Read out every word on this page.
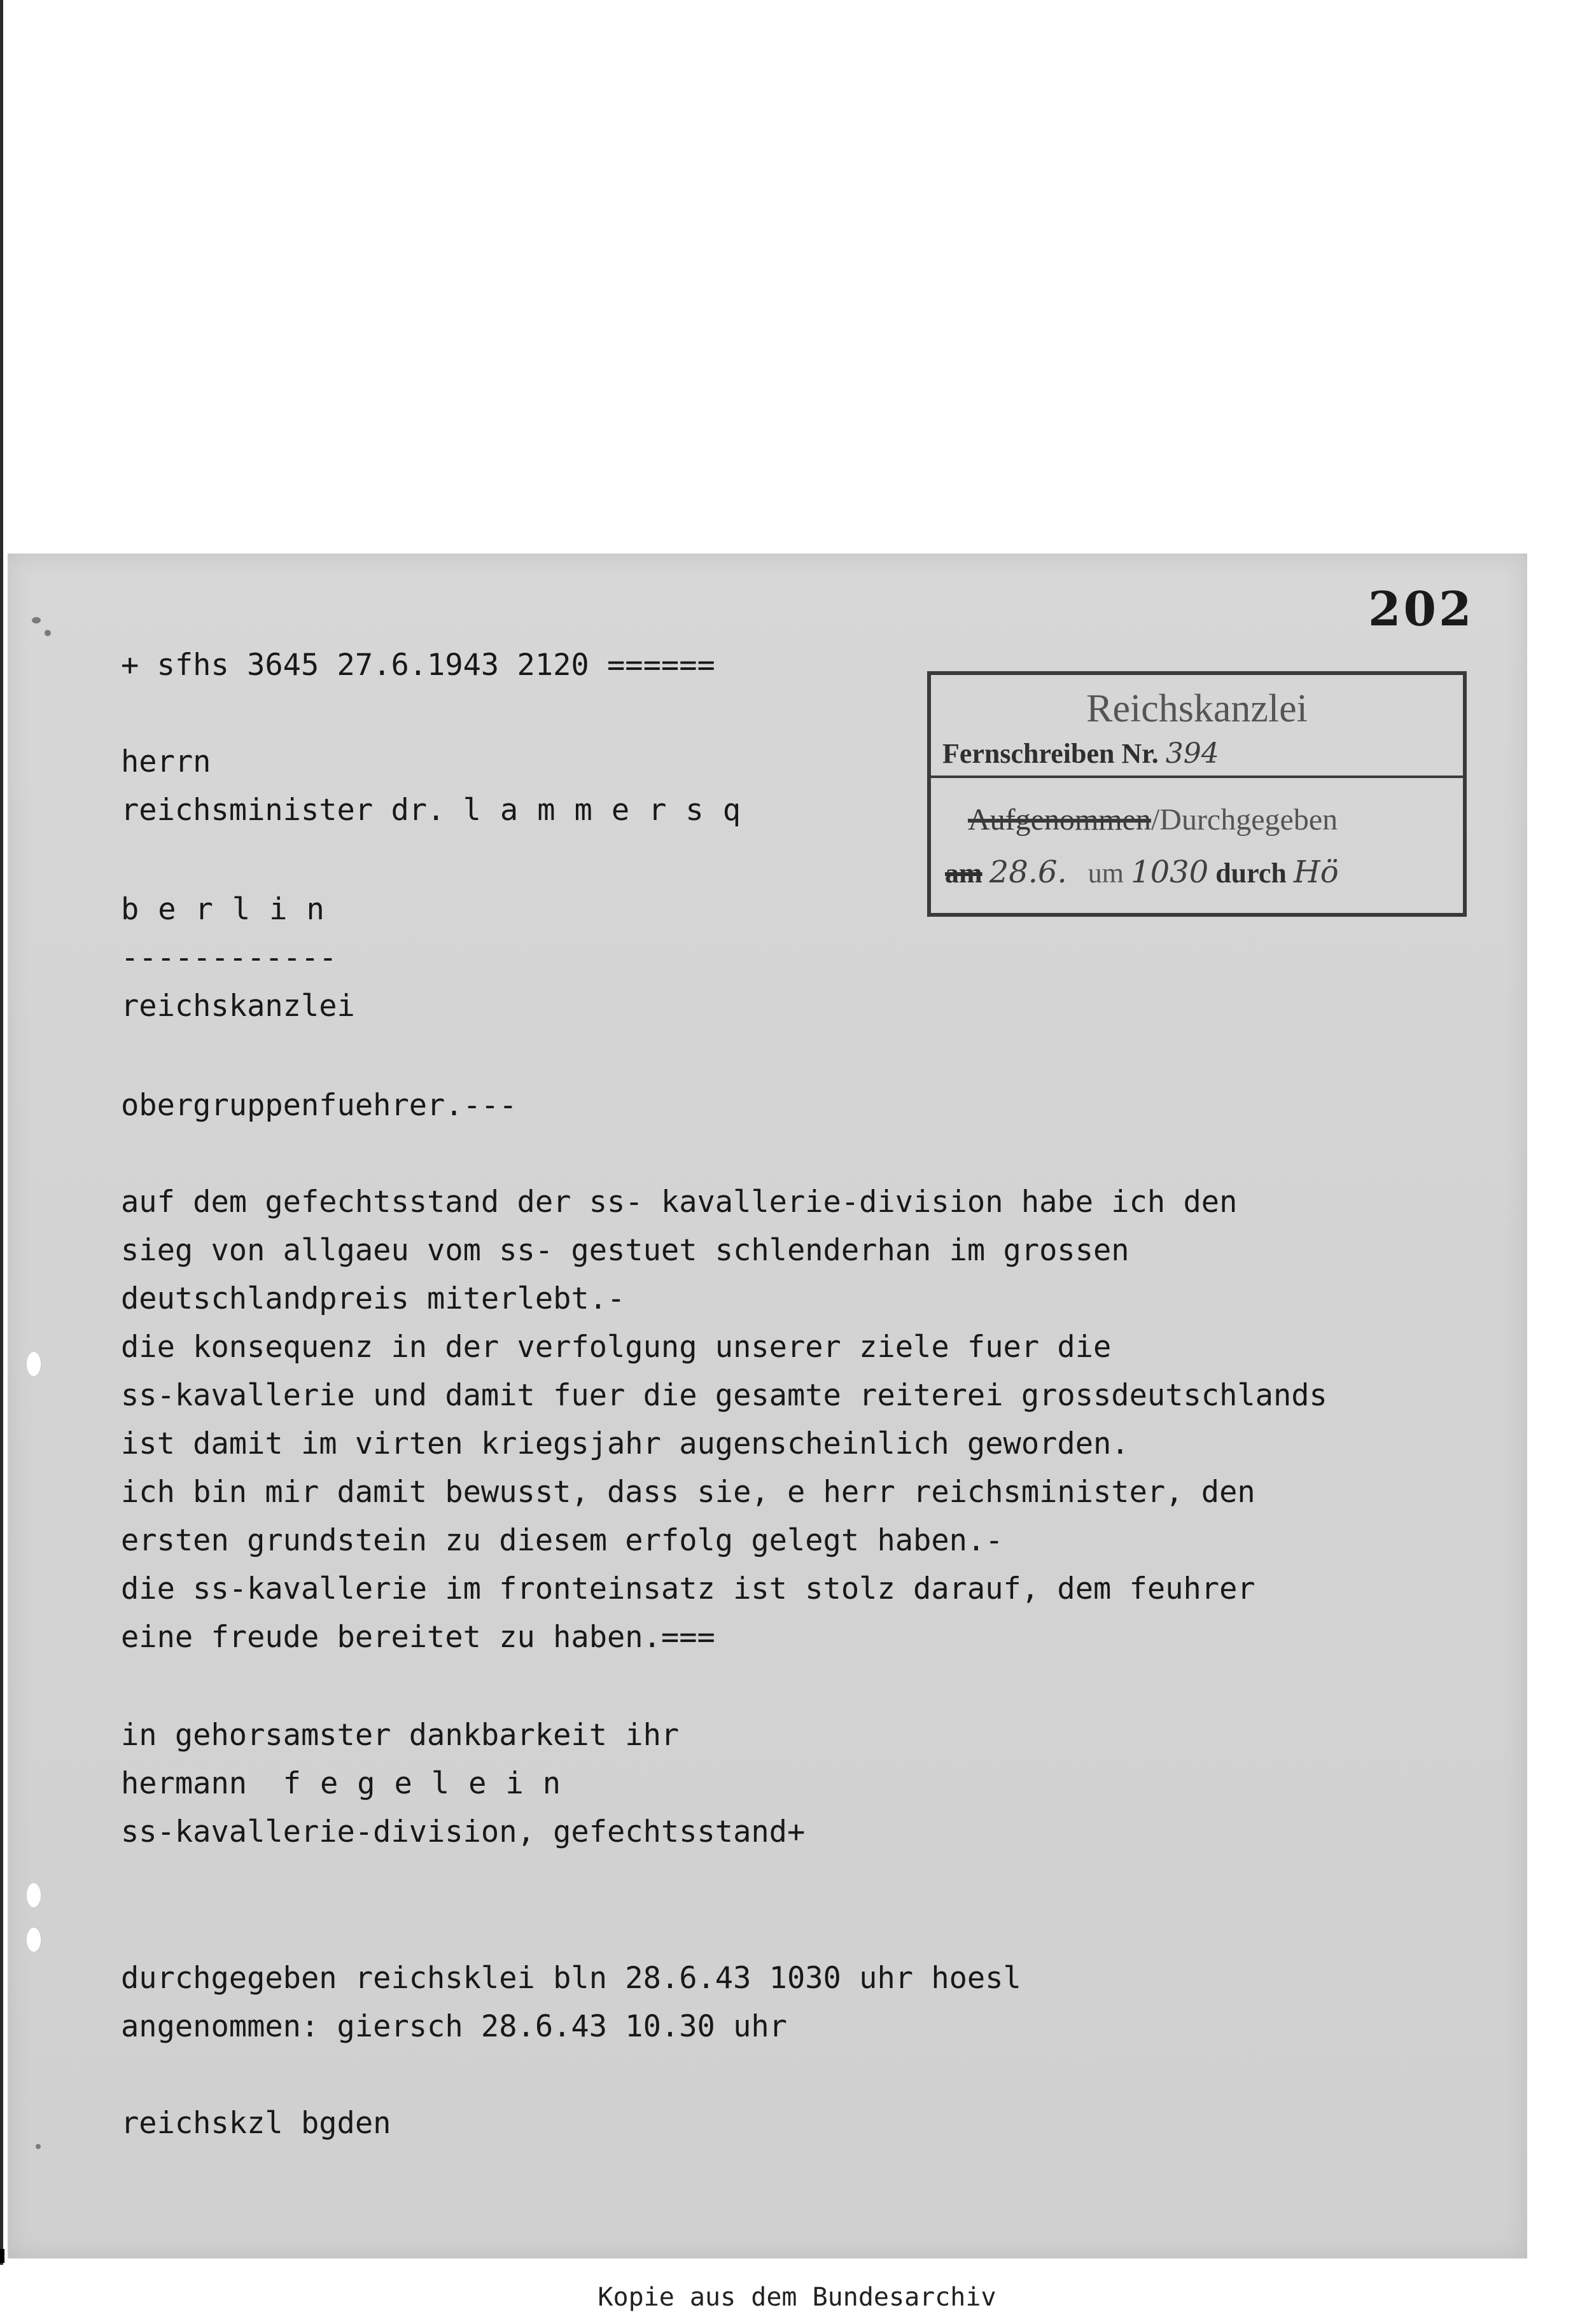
202
+ sfhs 3645 27.6.1943 2120 ======
herrn
reichsminister dr. lammersq
berlin
------------
reichskanzlei
obergruppenfuehrer.---
auf dem gefechtsstand der ss- kavallerie-division habe ich den
sieg von allgaeu vom ss- gestuet schlenderhan im grossen
deutschlandpreis miterlebt.-
die konsequenz in der verfolgung unserer ziele fuer die
ss-kavallerie und damit fuer die gesamte reiterei grossdeutschlands
ist damit im virten kriegsjahr augenscheinlich geworden.
ich bin mir damit bewusst, dass sie, e herr reichsminister, den
ersten grundstein zu diesem erfolg gelegt haben.-
die ss-kavallerie im fronteinsatz ist stolz darauf, dem feuhrer
eine freude bereitet zu haben.===
in gehorsamster dankbarkeit ihr
hermann fegelein
ss-kavallerie-division, gefechtsstand+
durchgegeben reichsklei bln 28.6.43 1030 uhr hoesl
angenommen: giersch 28.6.43 10.30 uhr
reichskzl bgden
Reichskanzlei
Fernschreiben Nr. 394
Aufgenommen/Durchgegeben
am 28.6. um 1030 durch Hö
Kopie aus dem Bundesarchiv
